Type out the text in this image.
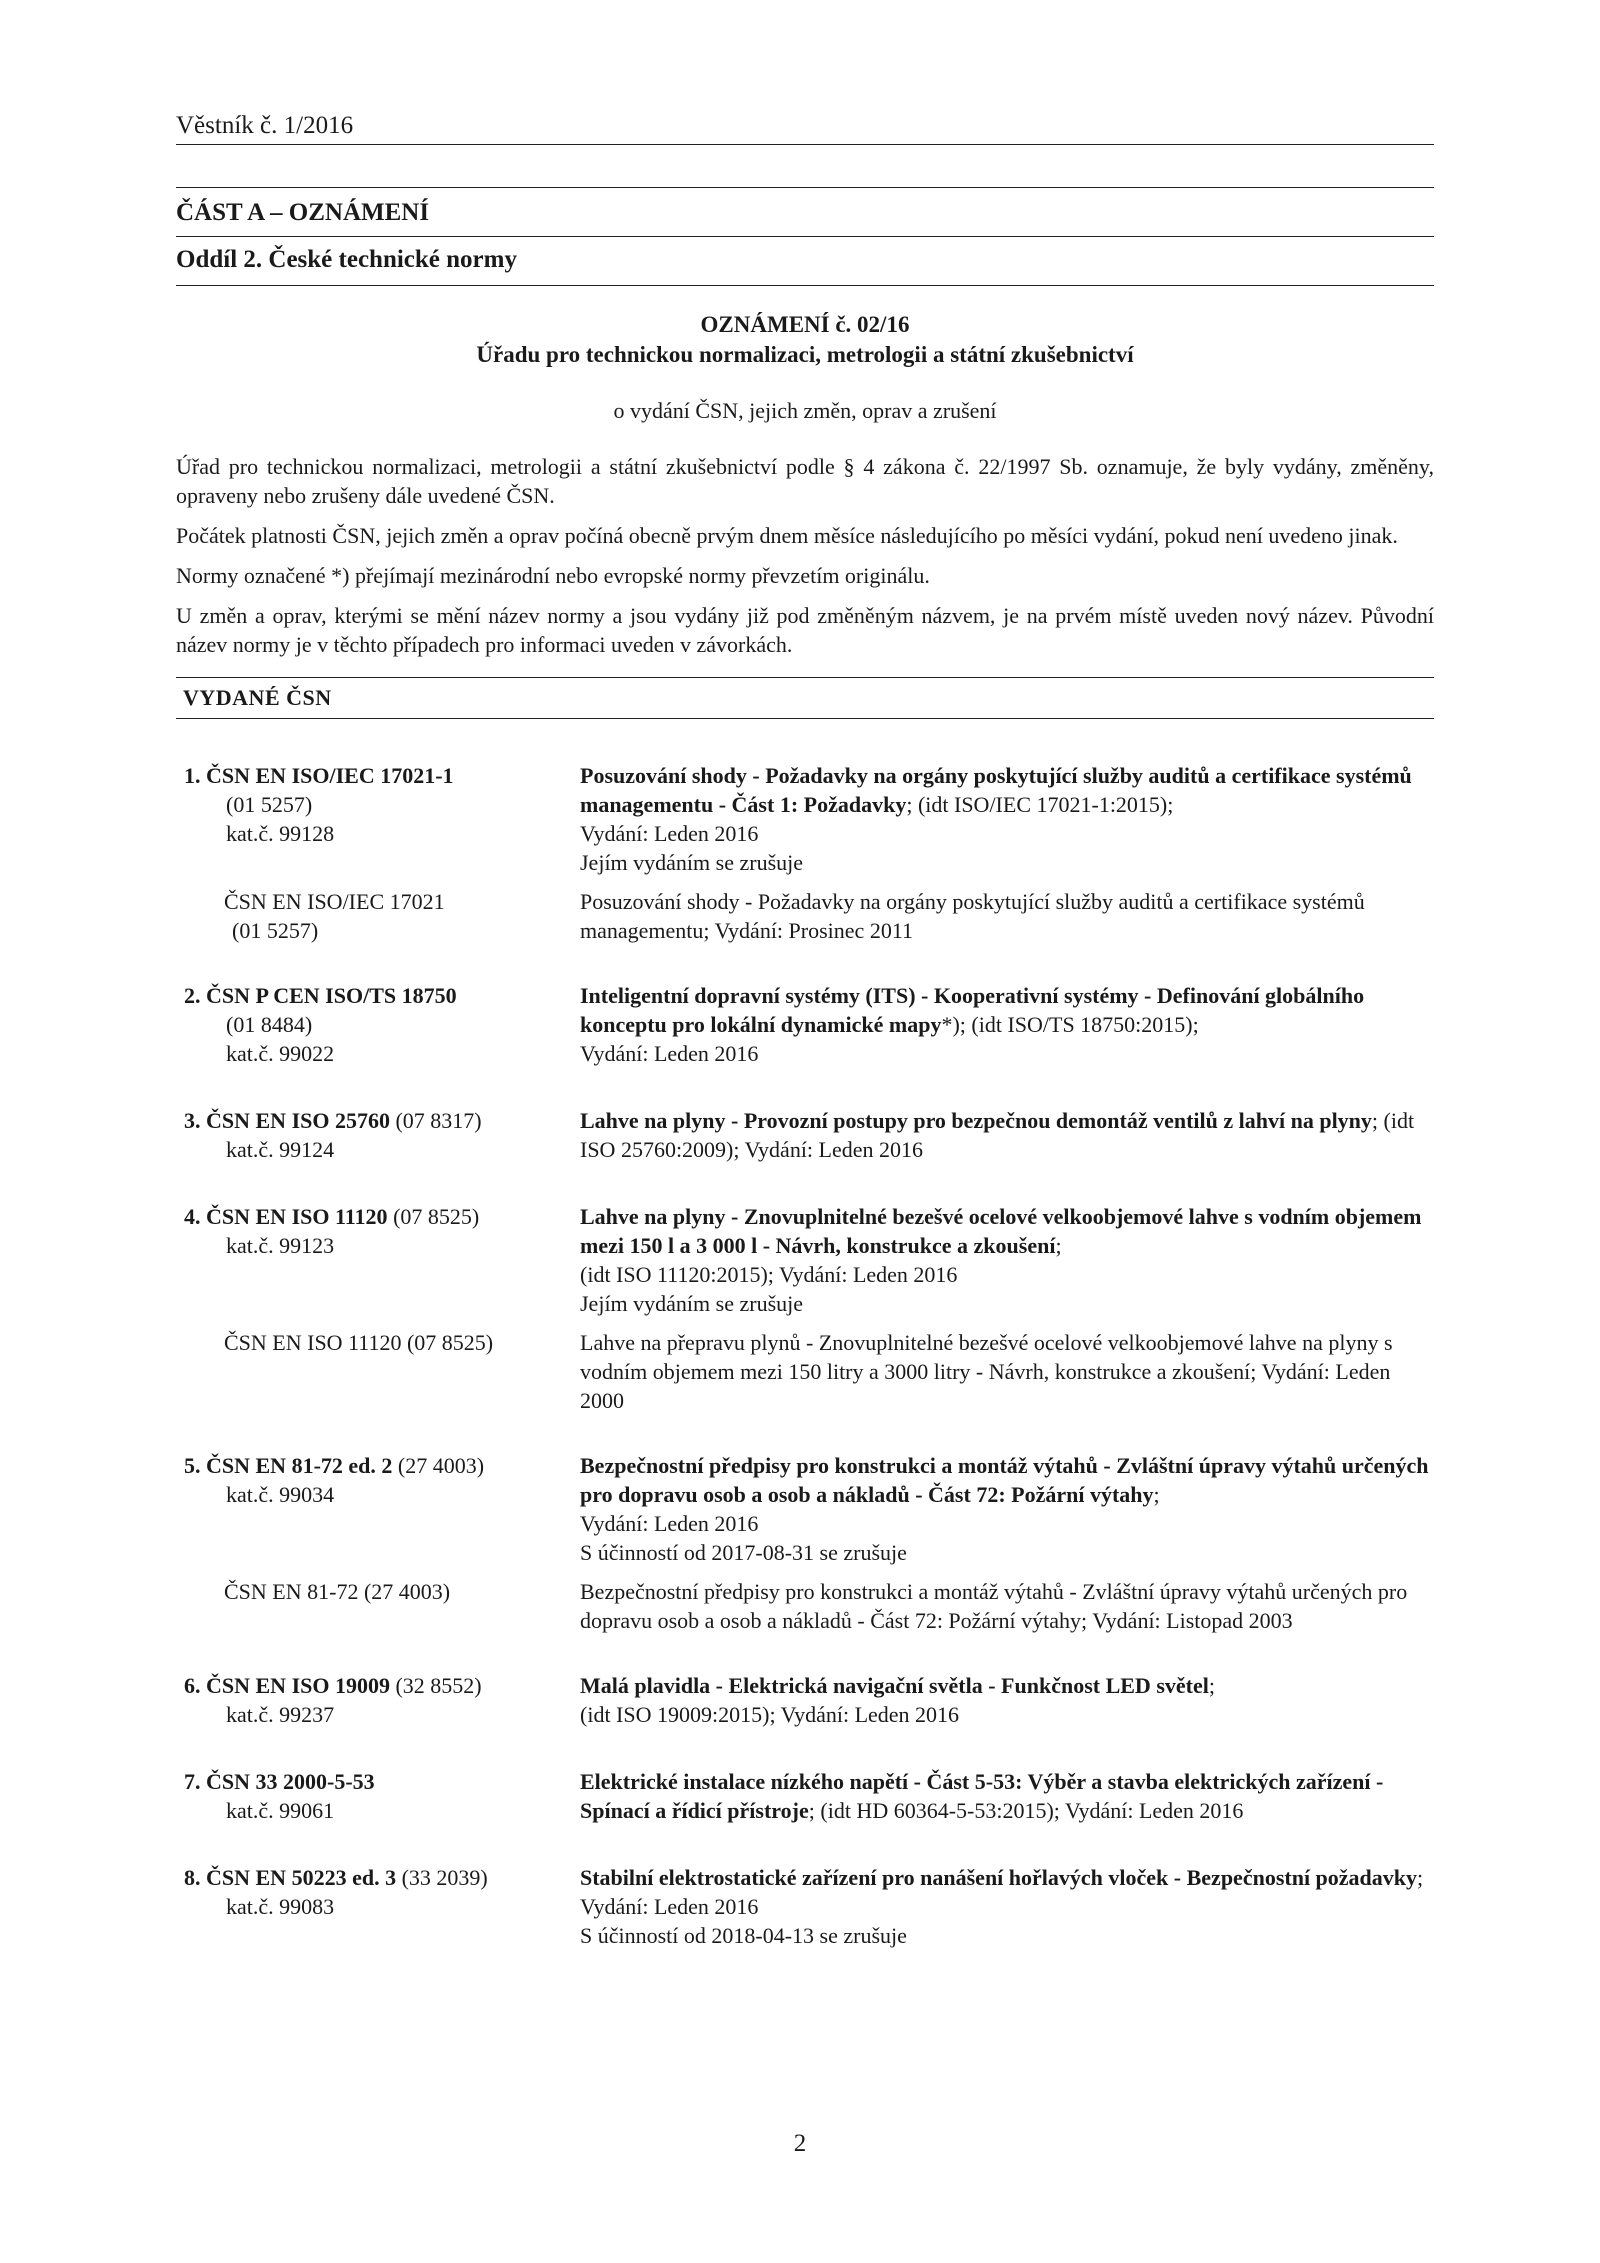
Věstník č. 1/2016
ČÁST A – OZNÁMENÍ
Oddíl 2. České technické normy
OZNÁMENÍ č. 02/16
Úřadu pro technickou normalizaci, metrologii a státní zkušebnictví
o vydání ČSN, jejich změn, oprav a zrušení

Úřad pro technickou normalizaci, metrologii a státní zkušebnictví podle § 4 zákona č. 22/1997 Sb. oznamuje, že byly vydány, změněny, opraveny nebo zrušeny dále uvedené ČSN.

Počátek platnosti ČSN, jejich změn a oprav počíná obecně prvým dnem měsíce následujícího po měsíci vydání, pokud není uvedeno jinak.

Normy označené *) přejímají mezinárodní nebo evropské normy převzetím originálu.

U změn a oprav, kterými se mění název normy a jsou vydány již pod změněným názvem, je na prvém místě uveden nový název. Původní název normy je v těchto případech pro informaci uveden v závorkách.

VYDANÉ ČSN
1. ČSN EN ISO/IEC 17021-1
(01 5257)
kat.č. 99128
Posuzování shody - Požadavky na orgány poskytující služby auditů a certifikace systémů managementu - Část 1: Požadavky; (idt ISO/IEC 17021-1:2015);
Vydání: Leden 2016
Jejím vydáním se zrušuje
ČSN EN ISO/IEC 17021
(01 5257)
Posuzování shody - Požadavky na orgány poskytující služby auditů a certifikace systémů managementu; Vydání: Prosinec 2011
2. ČSN P CEN ISO/TS 18750
(01 8484)
kat.č. 99022
Inteligentní dopravní systémy (ITS) - Kooperativní systémy - Definování globálního konceptu pro lokální dynamické mapy*); (idt ISO/TS 18750:2015);
Vydání: Leden 2016
3. ČSN EN ISO 25760 (07 8317)
kat.č. 99124
Lahve na plyny - Provozní postupy pro bezpečnou demontáž ventilů z lahví na plyny; (idt ISO 25760:2009); Vydání: Leden 2016
4. ČSN EN ISO 11120 (07 8525)
kat.č. 99123
Lahve na plyny - Znovuplnitelné bezešvé ocelové velkoobjemové lahve s vodním objemem mezi 150 l a 3 000 l - Návrh, konstrukce a zkoušení;
(idt ISO 11120:2015); Vydání: Leden 2016
Jejím vydáním se zrušuje
ČSN EN ISO 11120 (07 8525)	Lahve na přepravu plynů - Znovuplnitelné bezešvé ocelové velkoobjemové lahve na plyny s vodním objemem mezi 150 litry a 3000 litry - Návrh, konstrukce a zkoušení; Vydání: Leden 2000
5. ČSN EN 81-72 ed. 2 (27 4003)
kat.č. 99034
Bezpečnostní předpisy pro konstrukci a montáž výtahů - Zvláštní úpravy výtahů určených pro dopravu osob a osob a nákladů - Část 72: Požární výtahy;
Vydání: Leden 2016
S účinností od 2017-08-31 se zrušuje
ČSN EN 81-72 (27 4003)	Bezpečnostní předpisy pro konstrukci a montáž výtahů - Zvláštní úpravy výtahů určených pro dopravu osob a osob a nákladů - Část 72: Požární výtahy; Vydání: Listopad 2003
6. ČSN EN ISO 19009 (32 8552)
kat.č. 99237
Malá plavidla - Elektrická navigační světla - Funkčnost LED světel;
(idt ISO 19009:2015); Vydání: Leden 2016
7. ČSN 33 2000-5-53
kat.č. 99061
Elektrické instalace nízkého napětí - Část 5-53: Výběr a stavba elektrických zařízení - Spínací a řídicí přístroje; (idt HD 60364-5-53:2015); Vydání: Leden 2016
8. ČSN EN 50223 ed. 3 (33 2039)
kat.č. 99083
Stabilní elektrostatické zařízení pro nanášení hořlavých vloček - Bezpečnostní požadavky; Vydání: Leden 2016
S účinností od 2018-04-13 se zrušuje
2
